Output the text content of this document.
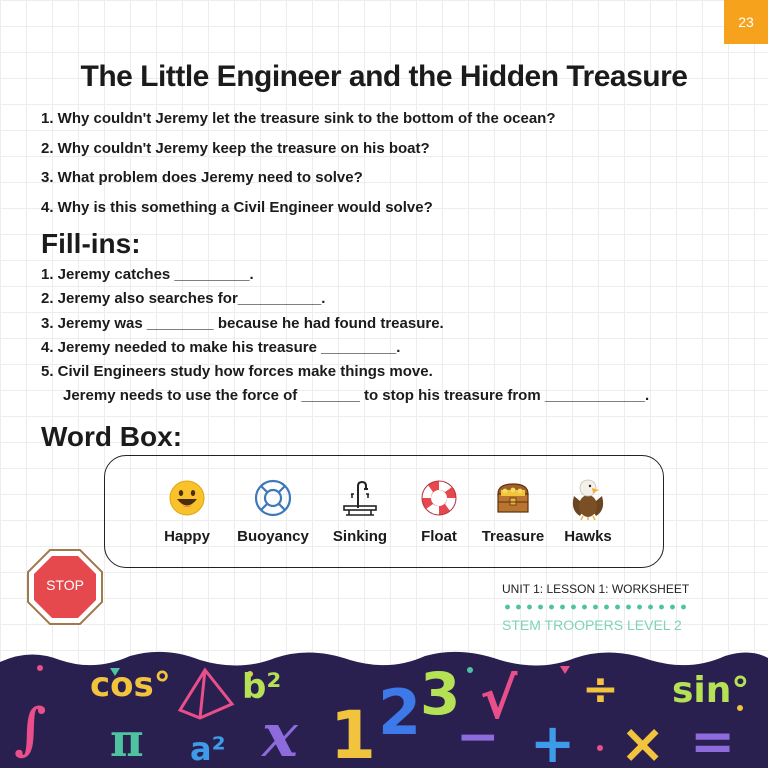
23
The Little Engineer and the Hidden Treasure
1. Why couldn't Jeremy let the treasure sink to the bottom of the ocean?
2. Why couldn't Jeremy keep the treasure on his boat?
3. What problem does Jeremy need to solve?
4. Why is this something a Civil Engineer would solve?
Fill-ins:
1. Jeremy catches _________.
2. Jeremy also searches for__________.
3. Jeremy was ________ because he had found treasure.
4. Jeremy needed to make his treasure _________.
5. Civil Engineers study how forces make things move.
Jeremy needs to use the force of _______ to stop his treasure from ____________.
Word Box:
Happy	Buoyancy	Sinking	Float	Treasure	Hawks
STOP	UNIT 1: LESSON 1: WORKSHEET
STEM TROOPERS LEVEL 2
∫
cos°
π
b²
a² x 1 2
3 √ ÷
+ ×
−	=
sin°
